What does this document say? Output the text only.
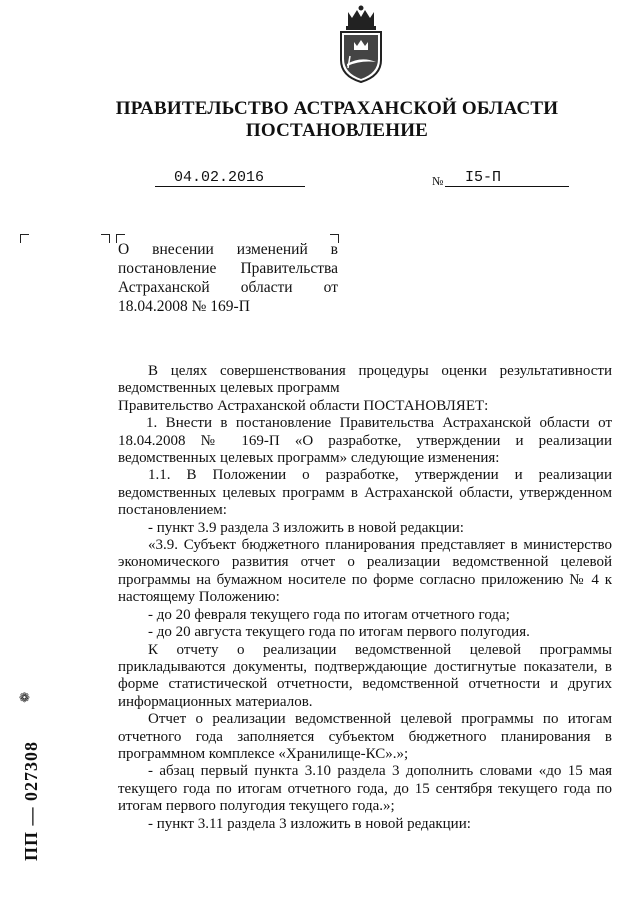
ПРАВИТЕЛЬСТВО АСТРАХАНСКОЙ ОБЛАСТИ
ПОСТАНОВЛЕНИЕ
04.02.2016	№	I5-П

О внесении изменений в постановление Правительства Астраханской области от 18.04.2008 № 169-П

В целях совершенствования процедуры оценки результативности ведомственных целевых программ

Правительство Астраханской области ПОСТАНОВЛЯЕТ:

1. Внести в постановление Правительства Астраханской области от 18.04.2008 № 169-П «О разработке, утверждении и реализации ведомственных целевых программ» следующие изменения:

1.1. В Положении о разработке, утверждении и реализации ведомственных целевых программ в Астраханской области, утвержденном постановлением:

- пункт 3.9 раздела 3 изложить в новой редакции:

«3.9. Субъект бюджетного планирования представляет в министерство экономического развития отчет о реализации ведомственной целевой программы на бумажном носителе по форме согласно приложению № 4 к настоящему Положению:

- до 20 февраля текущего года по итогам отчетного года;

- до 20 августа текущего года по итогам первого полугодия.

К отчету о реализации ведомственной целевой программы прикладываются документы, подтверждающие достигнутые показатели, в форме статистической отчетности, ведомственной отчетности и других информационных материалов.

Отчет о реализации ведомственной целевой программы по итогам отчетного года заполняется субъектом бюджетного планирования в программном комплексе «Хранилище-КС».»;

- абзац первый пункта 3.10 раздела 3 дополнить словами «до 15 мая текущего года по итогам отчетного года, до 15 сентября текущего года по итогам первого полугодия текущего года.»;

- пункт 3.11 раздела 3 изложить в новой редакции:

❁
ПП — 027308
